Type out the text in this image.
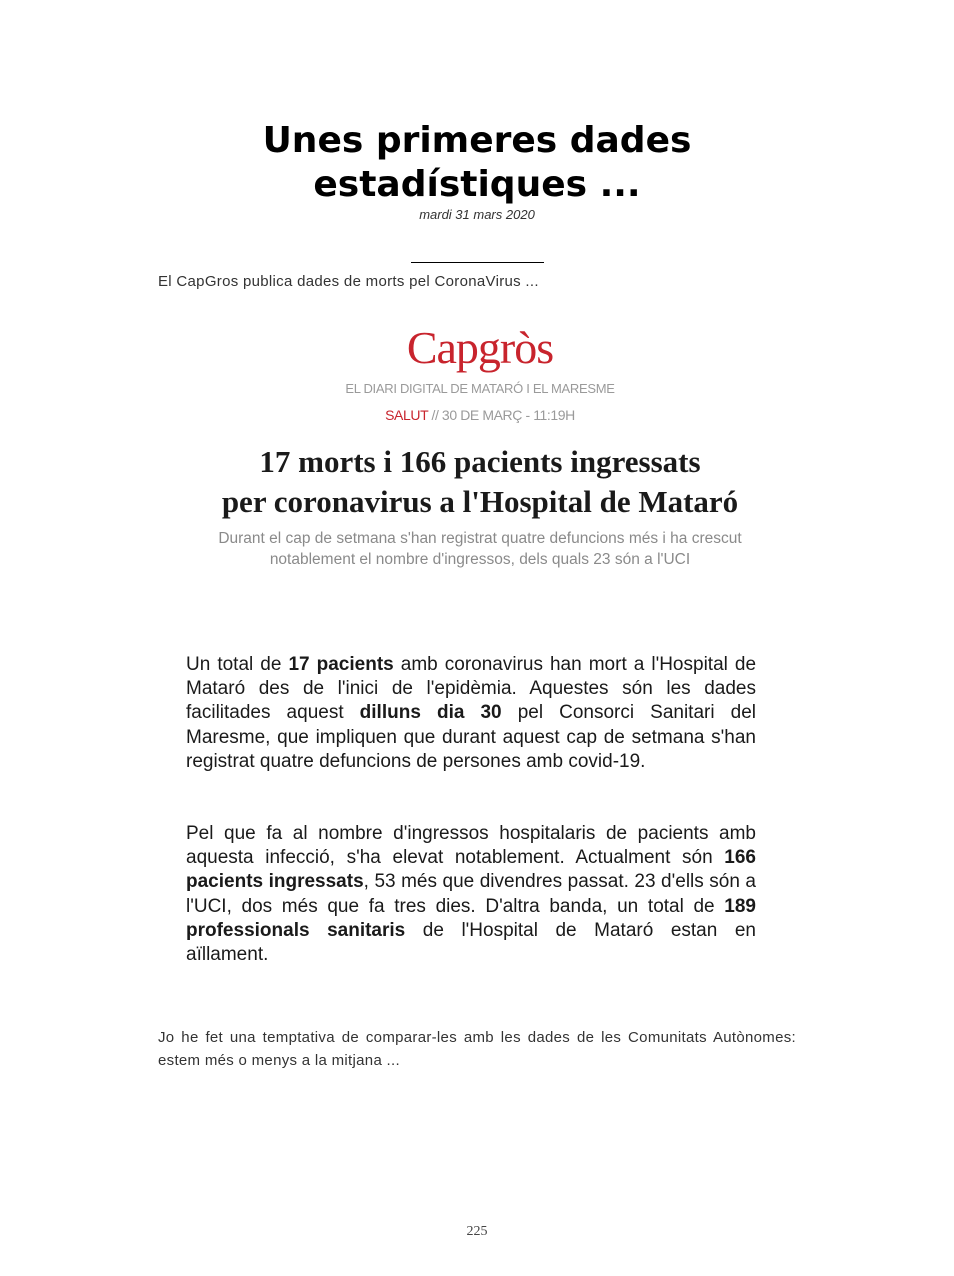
Unes primeres dades estadístiques ...
mardi 31 mars 2020

El CapGros publica dades de morts pel CoronaVirus ...

Capgròs
EL DIARI DIGITAL DE MATARÓ I EL MARESME
SALUT // 30 DE MARÇ - 11:19H
17 morts i 166 pacients ingressats
per coronavirus a l'Hospital de Mataró

Durant el cap de setmana s'han registrat quatre defuncions més i ha crescut notablement el nombre d'ingressos, dels quals 23 són a l'UCI

Un total de 17 pacients amb coronavirus han mort a l'Hospital de Mataró des de l'inici de l'epidèmia. Aquestes són les dades facilitades aquest dilluns dia 30 pel Consorci Sanitari del Maresme, que impliquen que durant aquest cap de setmana s'han registrat quatre defuncions de persones amb covid-19.

Pel que fa al nombre d'ingressos hospitalaris de pacients amb aquesta infecció, s'ha elevat notablement. Actualment són 166 pacients ingressats, 53 més que divendres passat. 23 d'ells són a l'UCI, dos més que fa tres dies. D'altra banda, un total de 189 professionals sanitaris de l'Hospital de Mataró estan en aïllament.

Jo he fet una temptativa de comparar-les amb les dades de les Comunitats Autònomes: estem més o menys a la mitjana ...

225
